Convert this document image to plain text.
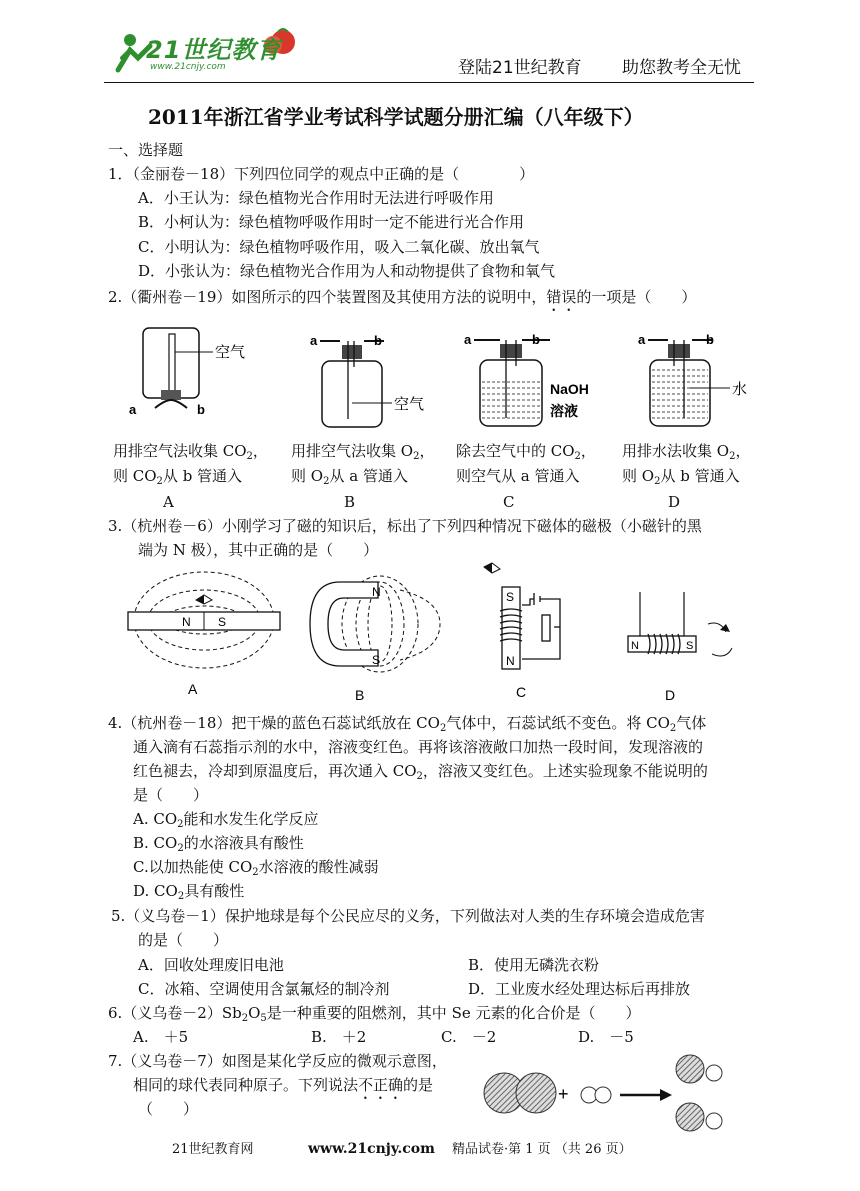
21世纪教育
www.21cnjy.com	登陆21世纪教育 助您教考全无忧
2011年浙江省学业考试科学试题分册汇编（八年级下）
一、选择题
1．（金丽卷－18）下列四位同学的观点中正确的是（　　　　）
A．小王认为：绿色植物光合作用时无法进行呼吸作用
B．小柯认为：绿色植物呼吸作用时一定不能进行光合作用
C．小明认为：绿色植物呼吸作用，吸入二氧化碳、放出氧气
D．小张认为：绿色植物光合作用为人和动物提供了食物和氧气
2.（衢州卷－19）如图所示的四个装置图及其使用方法的说明中，错误的一项是（　　）
空气
a	b	空气
a	b	a	b
NaOH
溶液
水
a	b
用排空气法收集 $CO_2$，
则 $CO_2$从 b 管通入
用排空气法收集 $O_2$，
则 $O_2$从 a 管通入
除去空气中的 $CO_2$，
则空气从 a 管通入
用排水法收集 $O_2$，
则 $O_2$从 b 管通入
A	B	C	D
3.（杭州卷－6）小刚学习了磁的知识后，标出了下列四种情况下磁体的磁极（小磁针的黑
端为 N 极），其中正确的是（　　）
N S
A
N
S
B
S
N
C
N	S
D
4.（杭州卷－18）把干燥的蓝色石蕊试纸放在 $CO_2$气体中，石蕊试纸不变色。将 $CO_2$气体
通入滴有石蕊指示剂的水中，溶液变红色。再将该溶液敞口加热一段时间，发现溶液的
红色褪去，冷却到原温度后，再次通入 $CO_2$，溶液又变红色。上述实验现象不能说明的
是（　　）
A. $CO_2$能和水发生化学反应
B. $CO_2$的水溶液具有酸性
C.以加热能使 $CO_2$水溶液的酸性减弱
D. $CO_2$具有酸性
5.（义乌卷－1）保护地球是每个公民应尽的义务，下列做法对人类的生存环境会造成危害
的是（　　）
A．回收处理废旧电池	B．使用无磷洗衣粉
C．冰箱、空调使用含氯氟烃的制冷剂	D．工业废水经处理达标后再排放
6.（义乌卷$-2)Sb_2O_5$是一种重要的阻燃剂，其中 Se 元素的化合价是（　　）
A.　＋5	B.　＋2	C.　－2	D.　－5
7.（义乌卷－7）如图是某化学反应的微观示意图，
相同的球代表同种原子。下列说法不正确的是
（　　）
+
21世纪教育网	www.21cnjy.com 精品试卷·第 1 页 （共 26 页）
